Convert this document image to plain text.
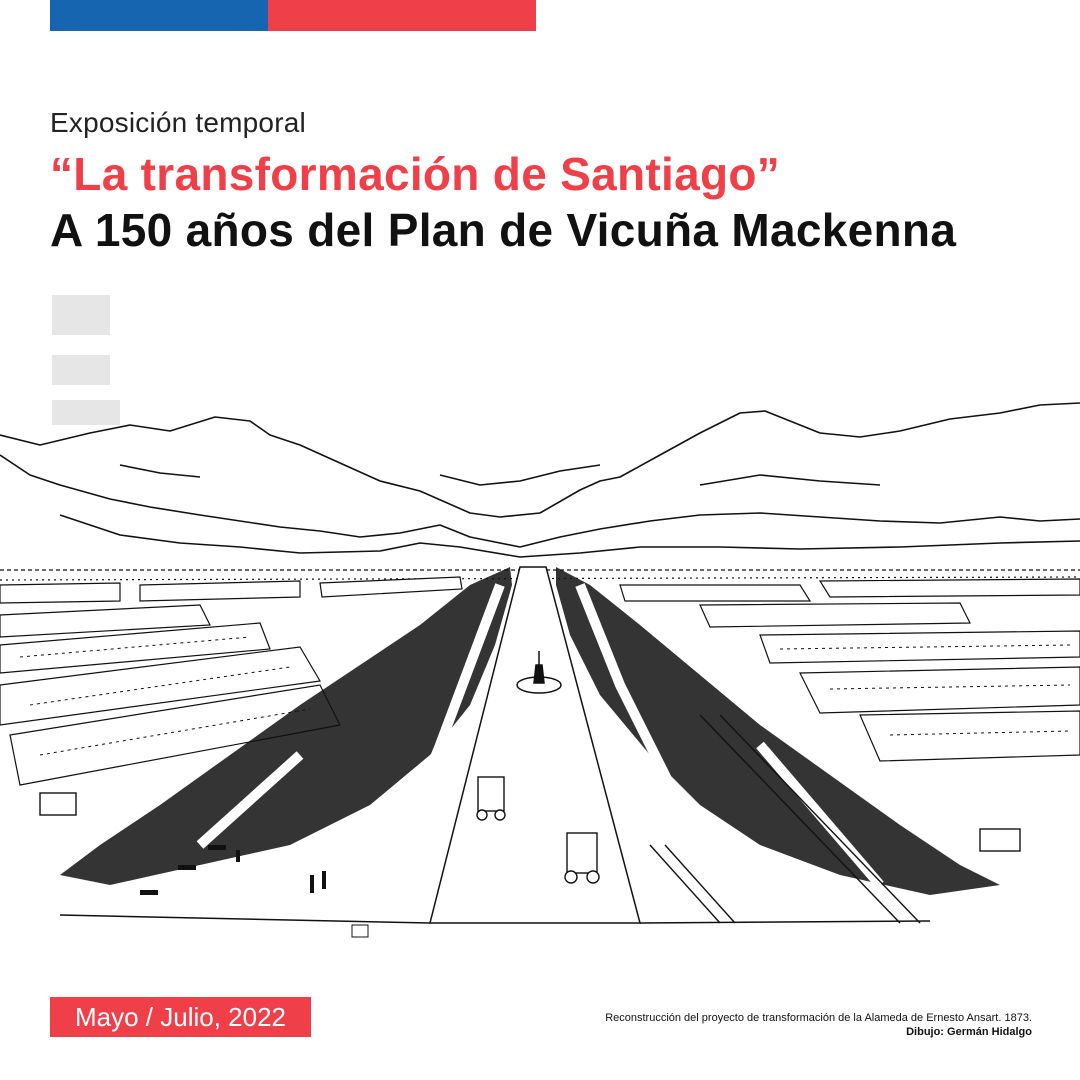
Exposición temporal
“La transformación de Santiago”
A 150 años del Plan de Vicuña Mackenna
Mayo / Julio, 2022	Reconstrucción del proyecto de transformación de la Alameda de Ernesto Ansart. 1873.
Dibujo: Germán Hidalgo
